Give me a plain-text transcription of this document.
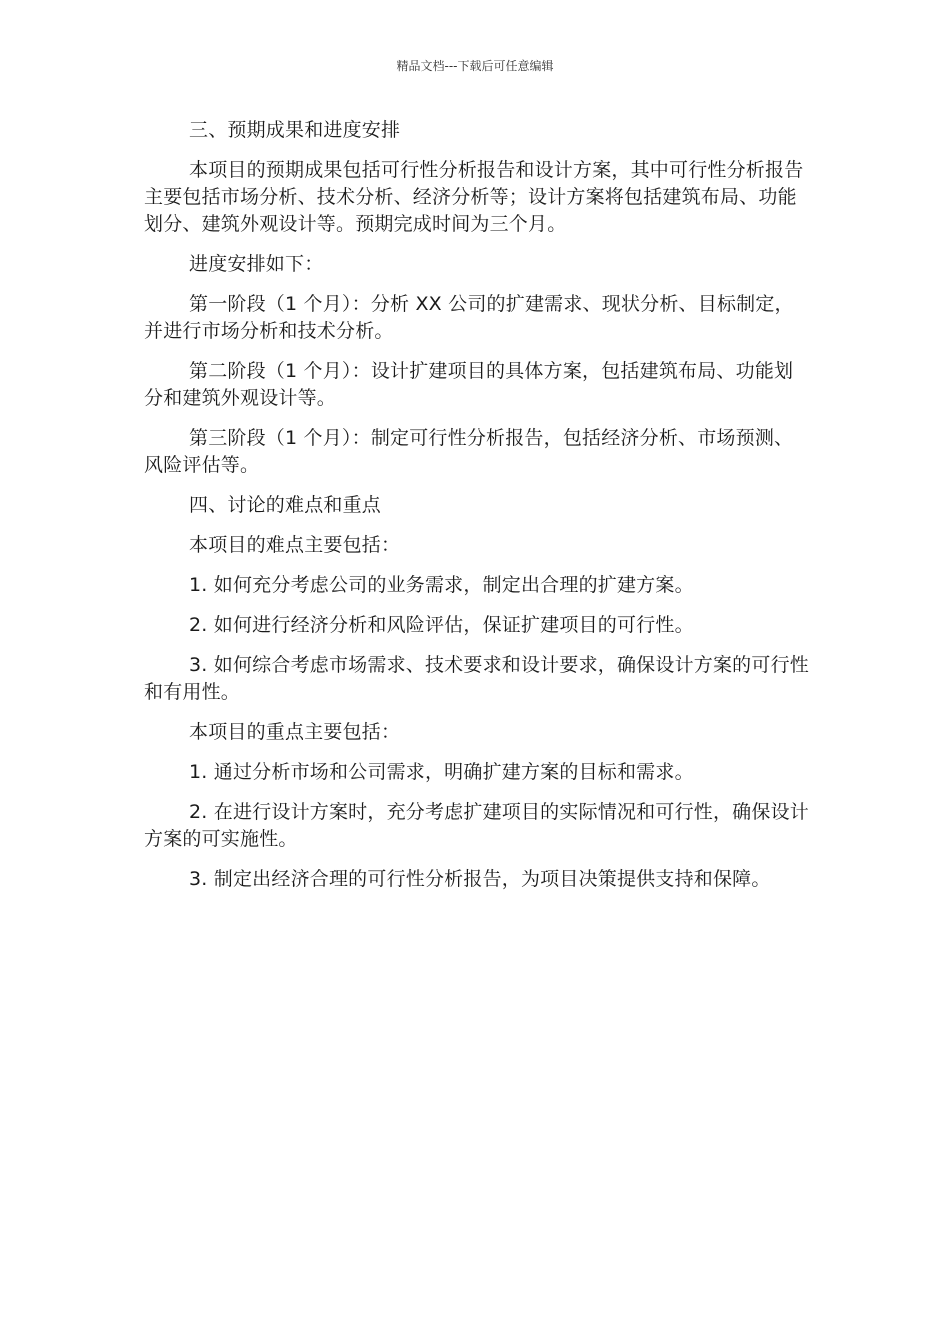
精品文档---下载后可任意编辑

三、预期成果和进度安排

本项目的预期成果包括可行性分析报告和设计方案，其中可行性分析报告主要包括市场分析、技术分析、经济分析等；设计方案将包括建筑布局、功能划分、建筑外观设计等。预期完成时间为三个月。

进度安排如下：

第一阶段（1 个月）：分析 XX 公司的扩建需求、现状分析、目标制定，并进行市场分析和技术分析。

第二阶段（1 个月）：设计扩建项目的具体方案，包括建筑布局、功能划分和建筑外观设计等。

第三阶段（1 个月）：制定可行性分析报告，包括经济分析、市场预测、风险评估等。

四、讨论的难点和重点

本项目的难点主要包括：

1. 如何充分考虑公司的业务需求，制定出合理的扩建方案。

2. 如何进行经济分析和风险评估，保证扩建项目的可行性。

3. 如何综合考虑市场需求、技术要求和设计要求，确保设计方案的可行性和有用性。

本项目的重点主要包括：

1. 通过分析市场和公司需求，明确扩建方案的目标和需求。

2. 在进行设计方案时，充分考虑扩建项目的实际情况和可行性，确保设计方案的可实施性。

3. 制定出经济合理的可行性分析报告，为项目决策提供支持和保障。
